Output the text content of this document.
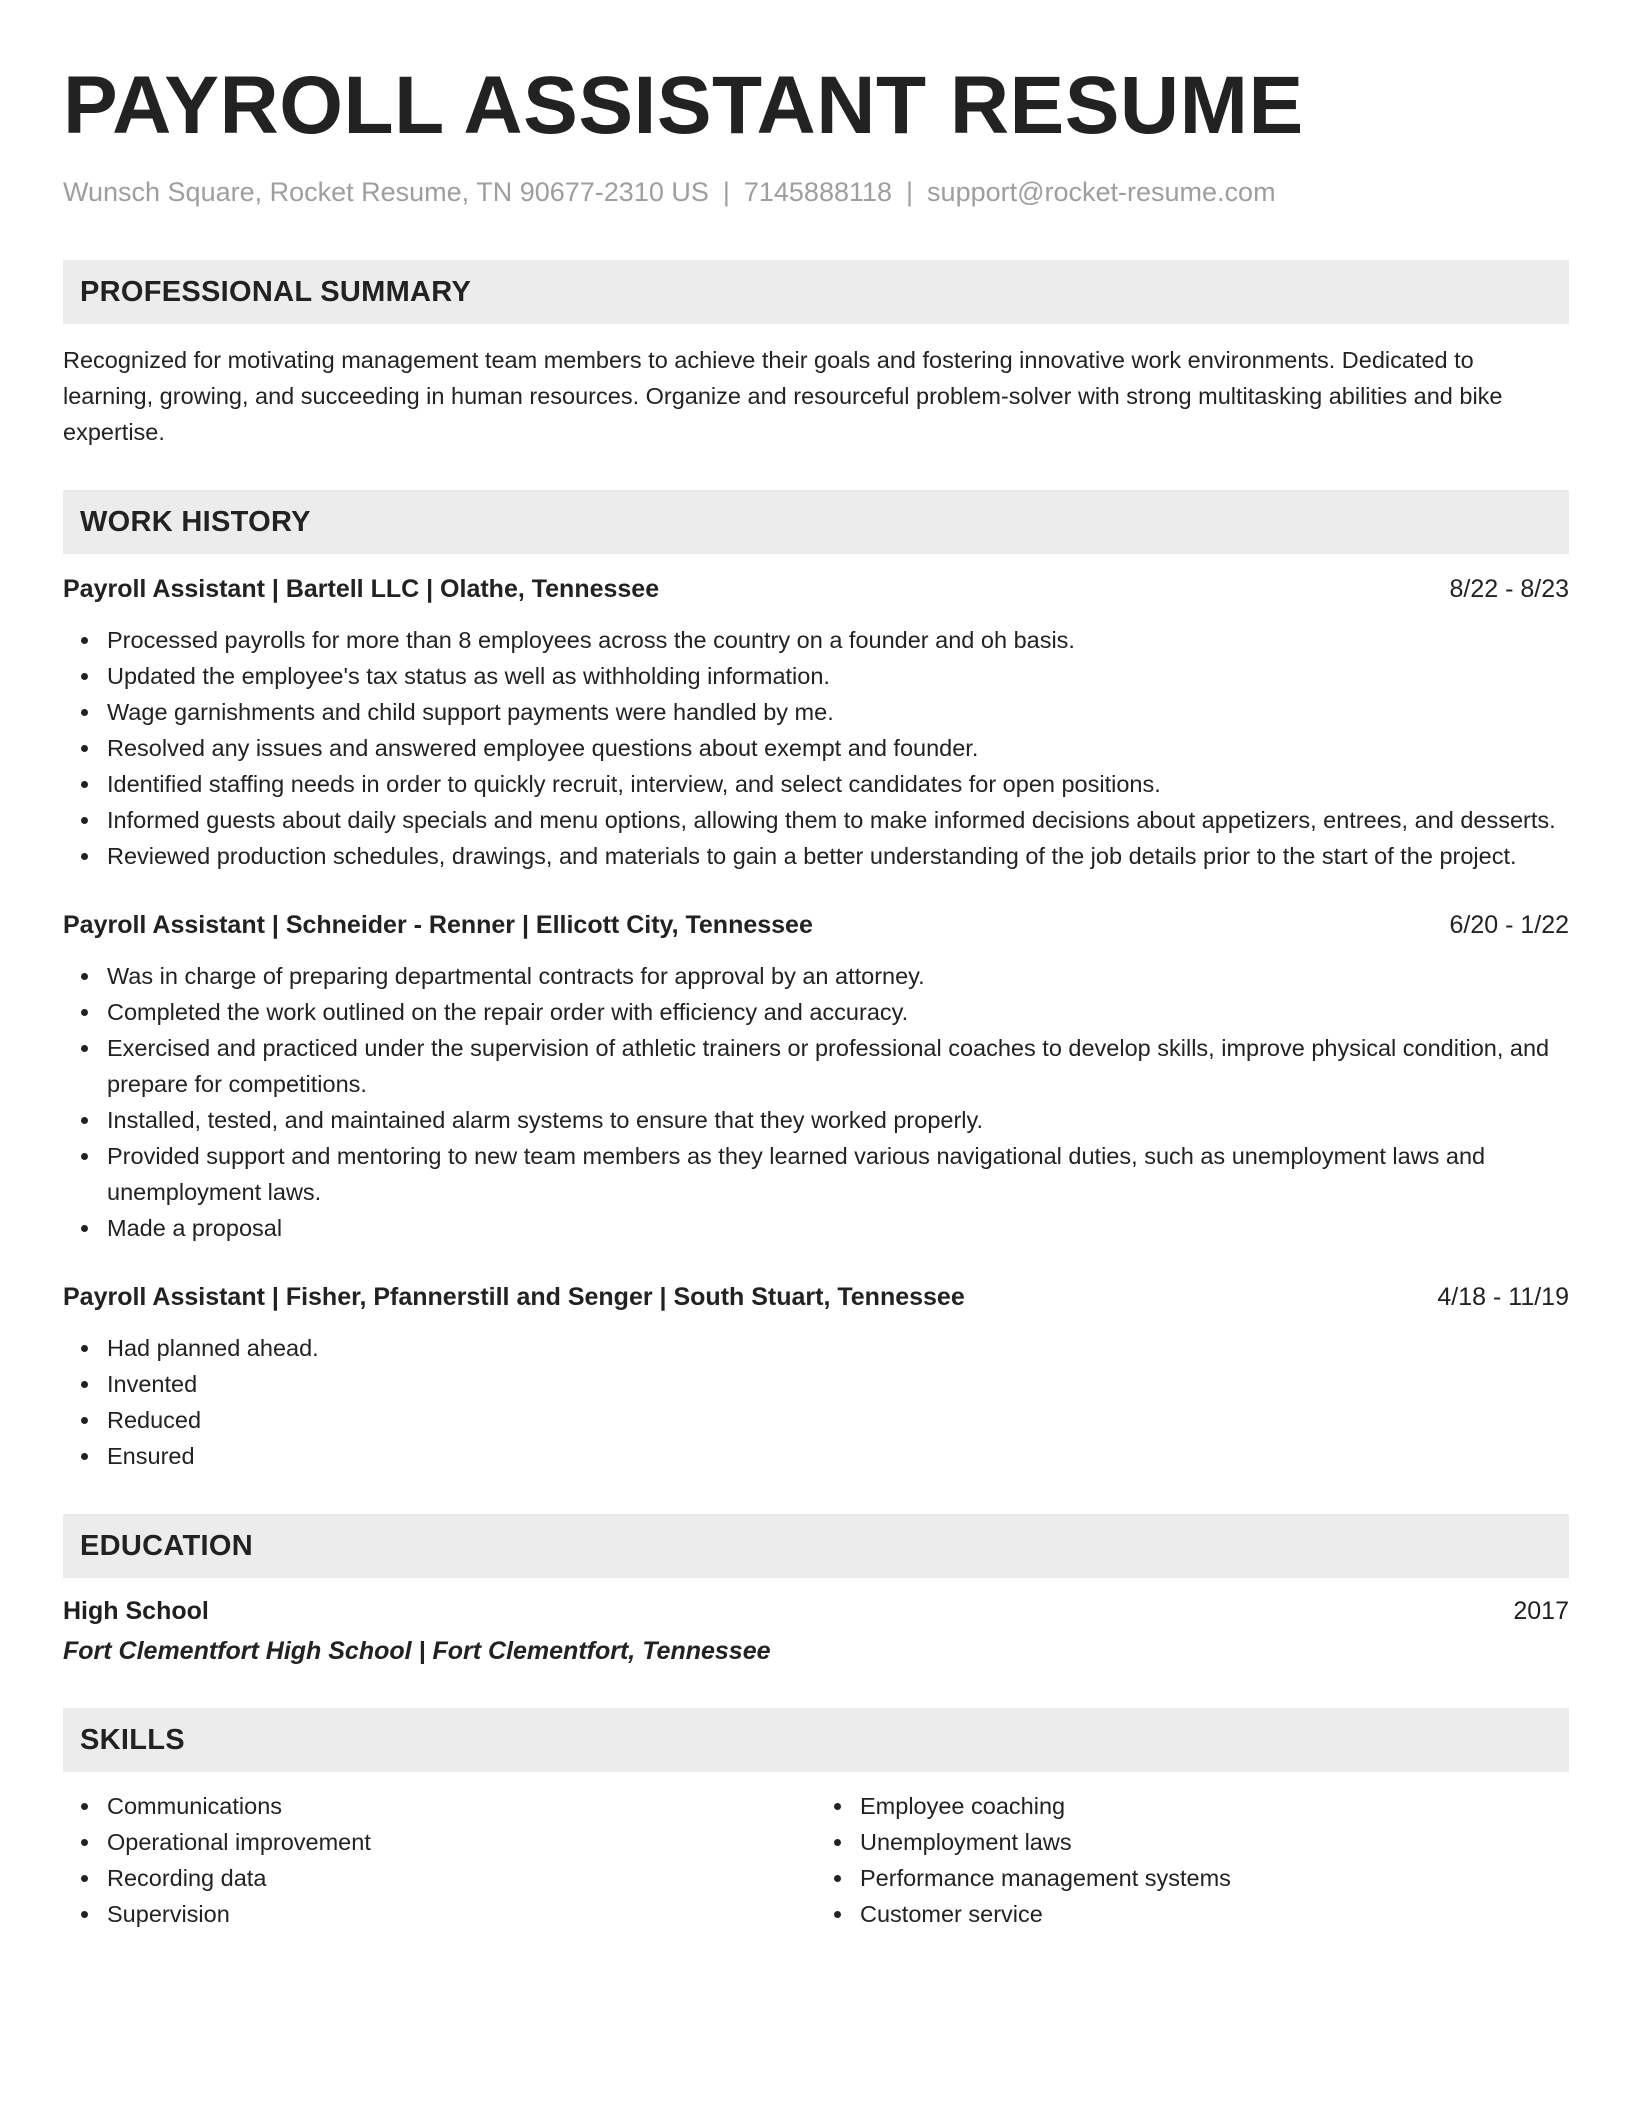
PAYROLL ASSISTANT RESUME
Wunsch Square, Rocket Resume, TN 90677-2310 US | 7145888118 | support@rocket-resume.com
PROFESSIONAL SUMMARY
Recognized for motivating management team members to achieve their goals and fostering innovative work environments. Dedicated to learning, growing, and succeeding in human resources. Organize and resourceful problem-solver with strong multitasking abilities and bike expertise.
WORK HISTORY
Payroll Assistant | Bartell LLC | Olathe, Tennessee	8/22 - 8/23
Processed payrolls for more than 8 employees across the country on a founder and oh basis.
Updated the employee's tax status as well as withholding information.
Wage garnishments and child support payments were handled by me.
Resolved any issues and answered employee questions about exempt and founder.
Identified staffing needs in order to quickly recruit, interview, and select candidates for open positions.
Informed guests about daily specials and menu options, allowing them to make informed decisions about appetizers, entrees, and desserts.
Reviewed production schedules, drawings, and materials to gain a better understanding of the job details prior to the start of the project.
Payroll Assistant | Schneider - Renner | Ellicott City, Tennessee	6/20 - 1/22
Was in charge of preparing departmental contracts for approval by an attorney.
Completed the work outlined on the repair order with efficiency and accuracy.
Exercised and practiced under the supervision of athletic trainers or professional coaches to develop skills, improve physical condition, and prepare for competitions.
Installed, tested, and maintained alarm systems to ensure that they worked properly.
Provided support and mentoring to new team members as they learned various navigational duties, such as unemployment laws and unemployment laws.
Made a proposal
Payroll Assistant | Fisher, Pfannerstill and Senger | South Stuart, Tennessee	4/18 - 11/19
Had planned ahead.
Invented
Reduced
Ensured
EDUCATION
High School	2017
Fort Clementfort High School | Fort Clementfort, Tennessee
SKILLS
Communications
Operational improvement
Recording data
Supervision
Employee coaching
Unemployment laws
Performance management systems
Customer service
